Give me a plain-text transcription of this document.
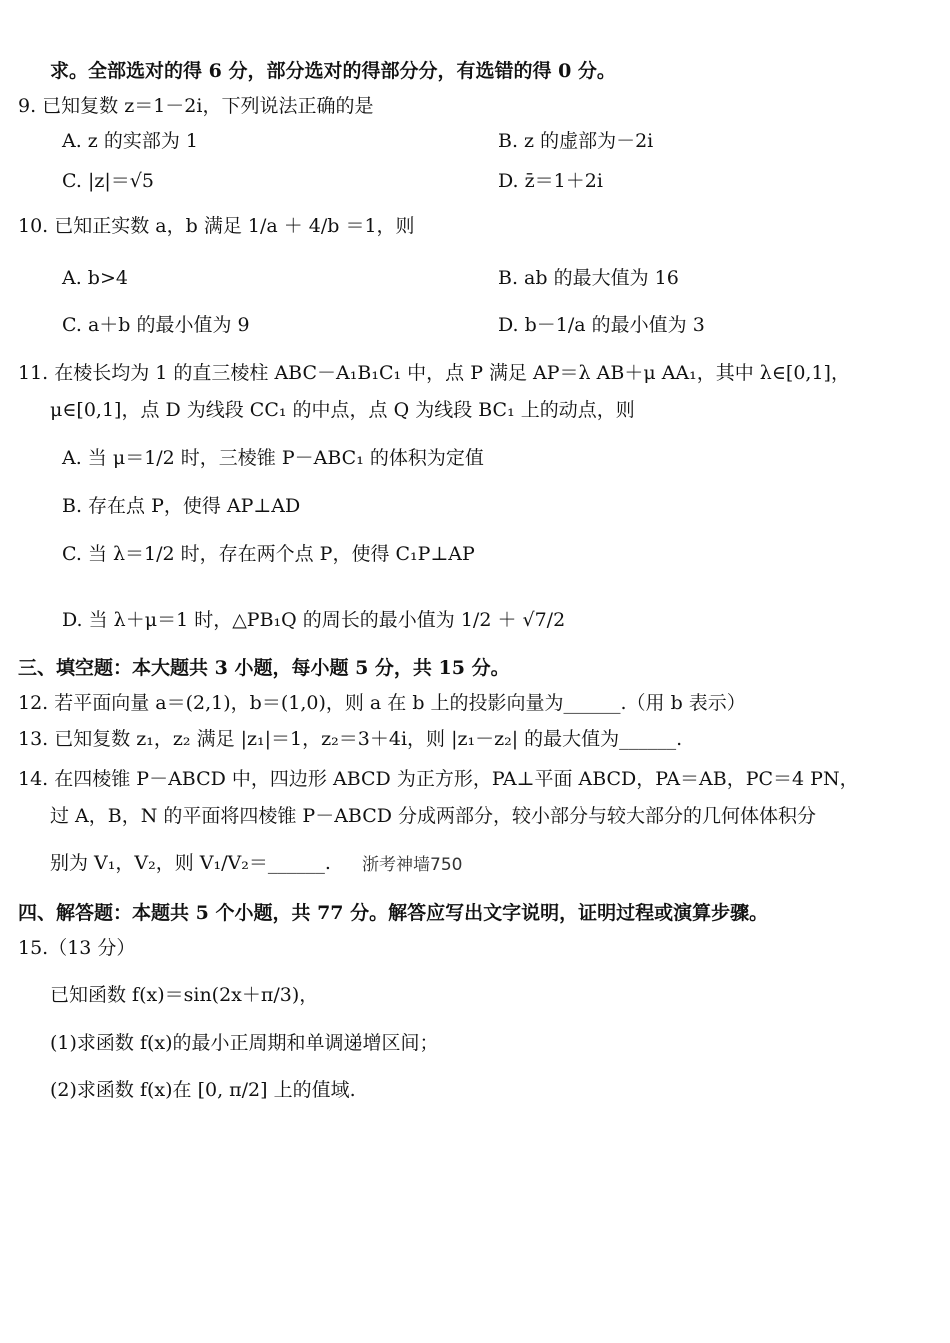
求。全部选对的得 6 分，部分选对的得部分分，有选错的得 0 分。
9. 已知复数 z＝1－2i，下列说法正确的是
A. z 的实部为 1	B. z 的虚部为－2i
C. |z|＝√5	D. z̄＝1＋2i
10. 已知正实数 a，b 满足 1/a ＋ 4/b ＝1，则
A. b>4	B. ab 的最大值为 16
C. a＋b 的最小值为 9	D. b－1/a 的最小值为 3
11. 在棱长均为 1 的直三棱柱 ABC－A₁B₁C₁ 中，点 P 满足 AP＝λ AB＋μ AA₁，其中 λ∈[0,1]，
μ∈[0,1]，点 D 为线段 CC₁ 的中点，点 Q 为线段 BC₁ 上的动点，则
A. 当 μ＝1/2 时，三棱锥 P－ABC₁ 的体积为定值
B. 存在点 P，使得 AP⊥AD
C. 当 λ＝1/2 时，存在两个点 P，使得 C₁P⊥AP
D. 当 λ＋μ＝1 时，△PB₁Q 的周长的最小值为 1/2 ＋ √7/2
三、填空题：本大题共 3 小题，每小题 5 分，共 15 分。
12. 若平面向量 a＝(2,1)，b＝(1,0)，则 a 在 b 上的投影向量为______.（用 b 表示）
13. 已知复数 z₁，z₂ 满足 |z₁|＝1，z₂＝3＋4i，则 |z₁－z₂| 的最大值为______.
14. 在四棱锥 P－ABCD 中，四边形 ABCD 为正方形，PA⊥平面 ABCD，PA＝AB，PC＝4 PN，
过 A，B，N 的平面将四棱锥 P－ABCD 分成两部分，较小部分与较大部分的几何体体积分
别为 V₁，V₂，则 V₁/V₂＝______. 浙考神墙750
四、解答题：本题共 5 个小题，共 77 分。解答应写出文字说明，证明过程或演算步骤。
15.（13 分）
已知函数 f(x)＝sin(2x＋π/3)，
(1)求函数 f(x)的最小正周期和单调递增区间；
(2)求函数 f(x)在 [0, π/2] 上的值域.
